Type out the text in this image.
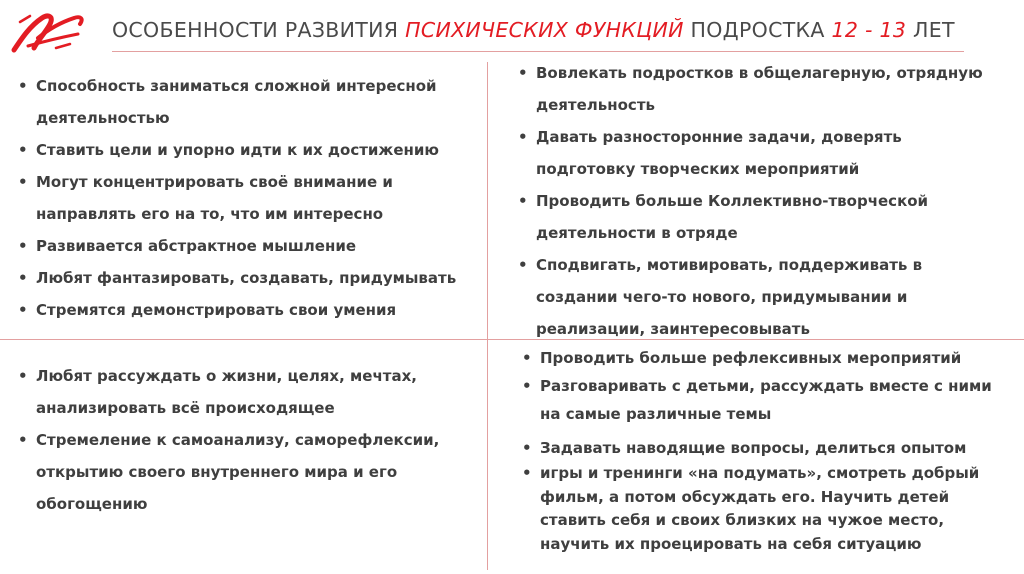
ОСОБЕННОСТИ РАЗВИТИЯ ПСИХИЧЕСКИХ ФУНКЦИЙ ПОДРОСТКА 12 - 13 ЛЕТ
• Способность заниматься сложной интересной деятельностью
• Ставить цели и упорно идти к их достижению
• Могут концентрировать своё внимание и направлять его на то, что им интересно
• Развивается абстрактное мышление
• Любят фантазировать, создавать, придумывать
• Стремятся демонстрировать свои умения
• Вовлекать подростков в общелагерную, отрядную деятельность
• Давать разносторонние задачи, доверять подготовку творческих мероприятий
• Проводить больше Коллективно-творческой деятельности в отряде
• Сподвигать, мотивировать, поддерживать в создании чего-то нового, придумывании и реализации, заинтересовывать
• Любят рассуждать о жизни, целях, мечтах, анализировать всё происходящее
• Стремеление к самоанализу, саморефлексии, открытию своего внутреннего мира и его обогощению
• Проводить больше рефлексивных мероприятий
• Разговаривать с детьми, рассуждать вместе с ними на самые различные темы
• Задавать наводящие вопросы, делиться опытом
• игры и тренинги «на подумать», смотреть добрый фильм, а потом обсуждать его. Научить детей ставить себя и своих близких на чужое место, научить их проецировать на себя ситуацию
